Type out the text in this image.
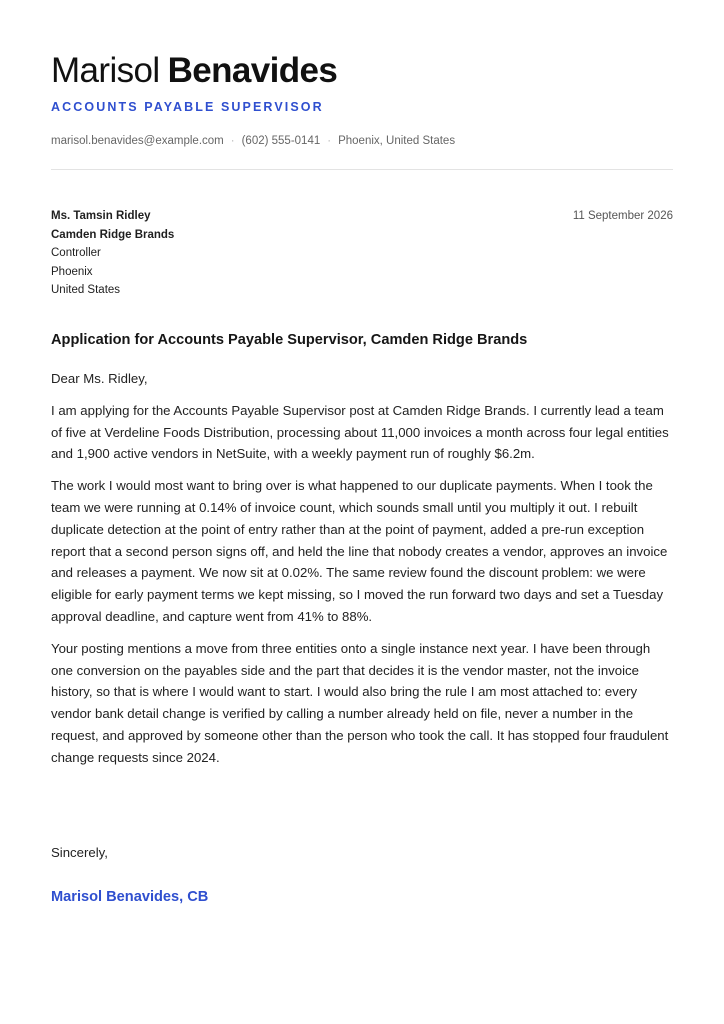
Marisol Benavides
ACCOUNTS PAYABLE SUPERVISOR
marisol.benavides@example.com · (602) 555-0141 · Phoenix, United States
Ms. Tamsin Ridley
Camden Ridge Brands
Controller
Phoenix
United States
11 September 2026
Application for Accounts Payable Supervisor, Camden Ridge Brands

Dear Ms. Ridley,

I am applying for the Accounts Payable Supervisor post at Camden Ridge Brands. I currently lead a team of five at Verdeline Foods Distribution, processing about 11,000 invoices a month across four legal entities and 1,900 active vendors in NetSuite, with a weekly payment run of roughly $6.2m.

The work I would most want to bring over is what happened to our duplicate payments. When I took the team we were running at 0.14% of invoice count, which sounds small until you multiply it out. I rebuilt duplicate detection at the point of entry rather than at the point of payment, added a pre-run exception report that a second person signs off, and held the line that nobody creates a vendor, approves an invoice and releases a payment. We now sit at 0.02%. The same review found the discount problem: we were eligible for early payment terms we kept missing, so I moved the run forward two days and set a Tuesday approval deadline, and capture went from 41% to 88%.

Your posting mentions a move from three entities onto a single instance next year. I have been through one conversion on the payables side and the part that decides it is the vendor master, not the invoice history, so that is where I would want to start. I would also bring the rule I am most attached to: every vendor bank detail change is verified by calling a number already held on file, never a number in the request, and approved by someone other than the person who took the call. It has stopped four fraudulent change requests since 2024.

Sincerely,
Marisol Benavides, CB
